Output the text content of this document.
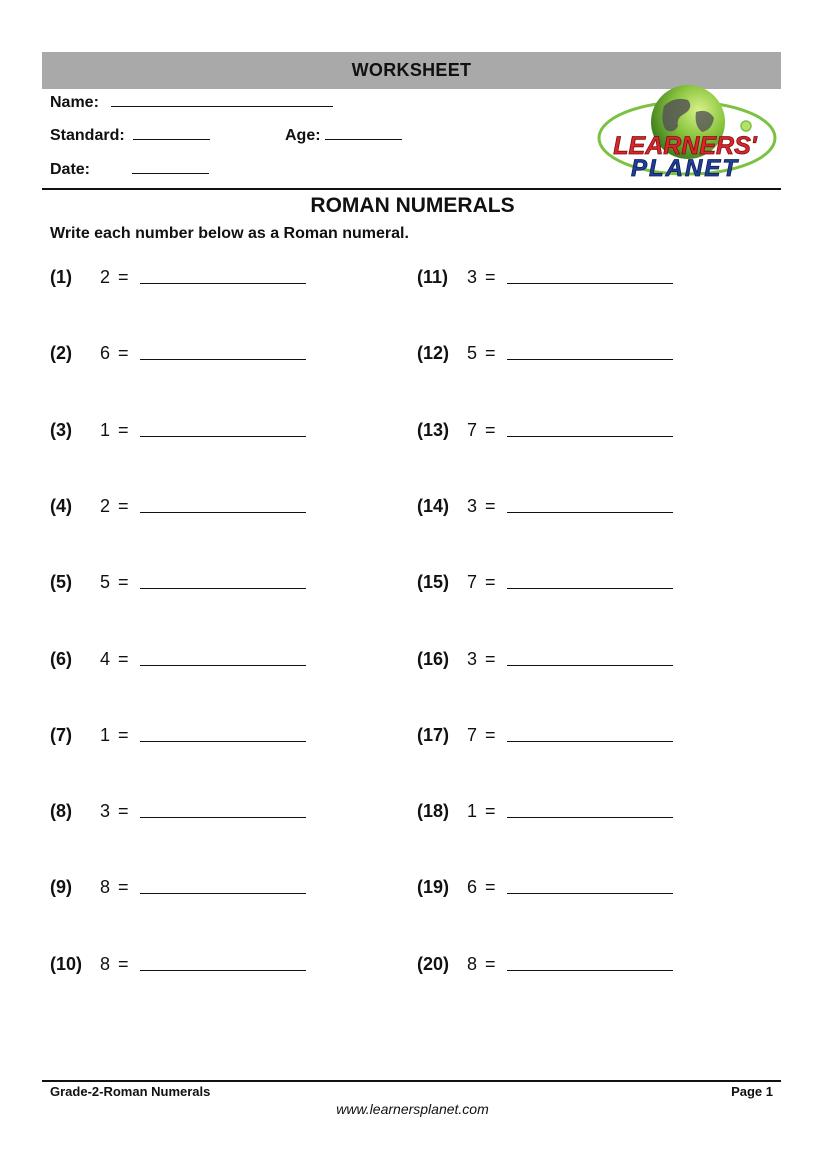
WORKSHEET
Name:
Standard:	Age:
Date:
LEARNERS'
PLANET
ROMAN NUMERALS
Write each number below as a Roman numeral.
(1)	2 =
(2)	6 =
(3)	1 =
(4)	2 =
(5)	5 =
(6)	4 =
(7)	1 =
(8)	3 =
(9)	8 =
(10) 8 =
(11)	3 =
(12) 5 =
(13) 7 =
(14) 3 =
(15) 7 =
(16) 3 =
(17) 7 =
(18) 1 =
(19) 6 =
(20) 8 =
Grade-2-Roman Numerals	Page 1
www.learnersplanet.com
